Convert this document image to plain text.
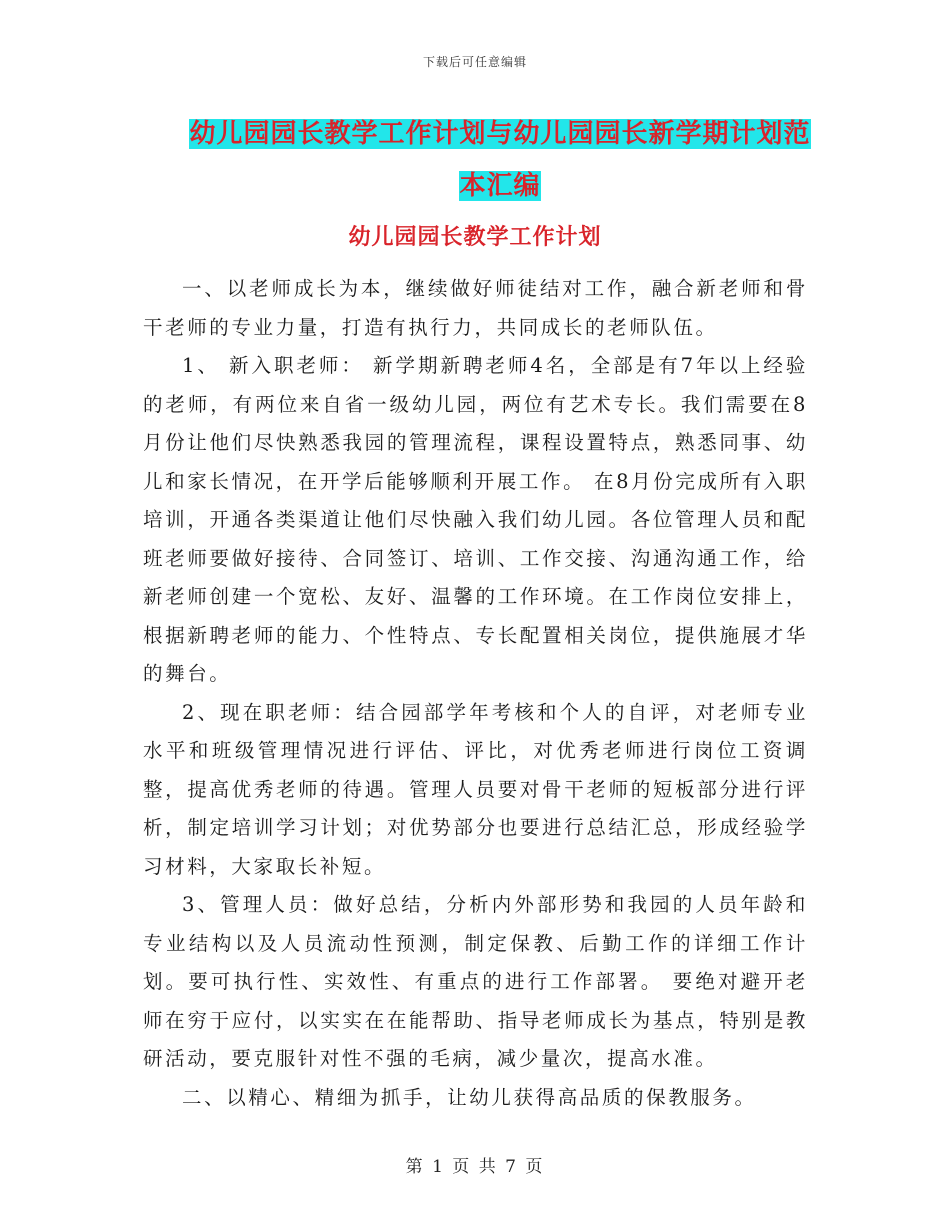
下载后可任意编辑
幼儿园园长教学工作计划与幼儿园园长新学期计划范
本汇编
幼儿园园长教学工作计划

一、以老师成长为本，继续做好师徒结对工作，融合新老师和骨干老师的专业力量，打造有执行力，共同成长的老师队伍。

1、 新入职老师： 新学期新聘老师4名，全部是有7年以上经验的老师，有两位来自省一级幼儿园，两位有艺术专长。我们需要在8月份让他们尽快熟悉我园的管理流程，课程设置特点，熟悉同事、幼儿和家长情况，在开学后能够顺利开展工作。 在8月份完成所有入职培训，开通各类渠道让他们尽快融入我们幼儿园。各位管理人员和配班老师要做好接待、合同签订、培训、工作交接、沟通沟通工作，给新老师创建一个宽松、友好、温馨的工作环境。在工作岗位安排上，根据新聘老师的能力、个性特点、专长配置相关岗位，提供施展才华的舞台。

2、现在职老师：结合园部学年考核和个人的自评，对老师专业水平和班级管理情况进行评估、评比，对优秀老师进行岗位工资调整，提高优秀老师的待遇。管理人员要对骨干老师的短板部分进行评析，制定培训学习计划；对优势部分也要进行总结汇总，形成经验学习材料，大家取长补短。

3、管理人员：做好总结，分析内外部形势和我园的人员年龄和专业结构以及人员流动性预测，制定保教、后勤工作的详细工作计划。要可执行性、实效性、有重点的进行工作部署。 要绝对避开老师在穷于应付，以实实在在能帮助、指导老师成长为基点，特别是教研活动，要克服针对性不强的毛病，减少量次，提高水准。

二、以精心、精细为抓手，让幼儿获得高品质的保教服务。

第 1 页 共 7 页
